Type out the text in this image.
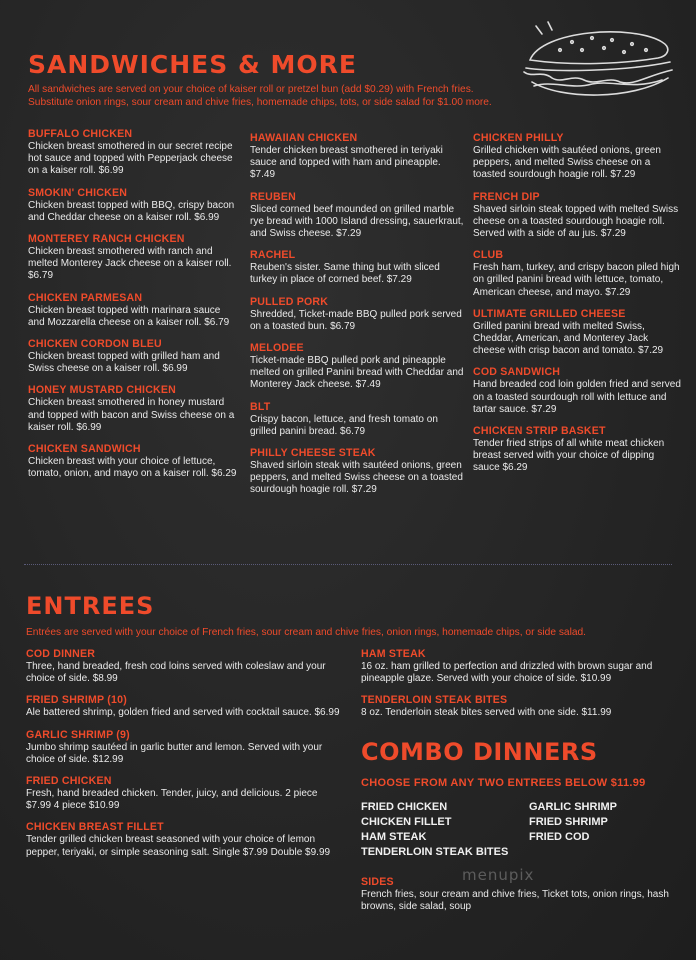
SANDWICHES & MORE

All sandwiches are served on your choice of kaiser roll or pretzel bun (add $0.29) with French fries.

Substitute onion rings, sour cream and chive fries, homemade chips, tots, or side salad for $1.00 more.

BUFFALO CHICKEN
Chicken breast smothered in our secret recipe hot sauce and topped with Pepperjack cheese on a kaiser roll. $6.99
SMOKIN' CHICKEN
Chicken breast topped with BBQ, crispy bacon and Cheddar cheese on a kaiser roll. $6.99
MONTEREY RANCH CHICKEN
Chicken breast smothered with ranch and melted Monterey Jack cheese on a kaiser roll. $6.79
CHICKEN PARMESAN
Chicken breast topped with marinara sauce and Mozzarella cheese on a kaiser roll. $6.79
CHICKEN CORDON BLEU
Chicken breast topped with grilled ham and Swiss cheese on a kaiser roll. $6.99
HONEY MUSTARD CHICKEN
Chicken breast smothered in honey mustard and topped with bacon and Swiss cheese on a kaiser roll. $6.99
CHICKEN SANDWICH
Chicken breast with your choice of lettuce, tomato, onion, and mayo on a kaiser roll. $6.29
HAWAIIAN CHICKEN
Tender chicken breast smothered in teriyaki sauce and topped with ham and pineapple. $7.49
REUBEN
Sliced corned beef mounded on grilled marble rye bread with 1000 Island dressing, sauerkraut, and Swiss cheese. $7.29
RACHEL
Reuben's sister. Same thing but with sliced turkey in place of corned beef. $7.29
PULLED PORK
Shredded, Ticket-made BBQ pulled pork served on a toasted bun. $6.79
MELODEE
Ticket-made BBQ pulled pork and pineapple melted on grilled Panini bread with Cheddar and Monterey Jack cheese. $7.49
BLT
Crispy bacon, lettuce, and fresh tomato on grilled panini bread. $6.79
PHILLY CHEESE STEAK
Shaved sirloin steak with sautéed onions, green peppers, and melted Swiss cheese on a toasted sourdough hoagie roll. $7.29
CHICKEN PHILLY
Grilled chicken with sautéed onions, green peppers, and melted Swiss cheese on a toasted sourdough hoagie roll. $7.29
FRENCH DIP
Shaved sirloin steak topped with melted Swiss cheese on a toasted sourdough hoagie roll. Served with a side of au jus. $7.29
CLUB
Fresh ham, turkey, and crispy bacon piled high on grilled panini bread with lettuce, tomato, American cheese, and mayo. $7.29
ULTIMATE GRILLED CHEESE
Grilled panini bread with melted Swiss, Cheddar, American, and Monterey Jack cheese with crisp bacon and tomato. $7.29
COD SANDWICH
Hand breaded cod loin golden fried and served on a toasted sourdough roll with lettuce and tartar sauce. $7.29
CHICKEN STRIP BASKET
Tender fried strips of all white meat chicken breast served with your choice of dipping sauce $6.29
ENTREES

Entrées are served with your choice of French fries, sour cream and chive fries, onion rings, homemade chips, or side salad.

COD DINNER
Three, hand breaded, fresh cod loins served with coleslaw and your choice of side. $8.99
FRIED SHRIMP (10)
Ale battered shrimp, golden fried and served with cocktail sauce. $6.99
GARLIC SHRIMP (9)
Jumbo shrimp sautéed in garlic butter and lemon. Served with your choice of side. $12.99
FRIED CHICKEN
Fresh, hand breaded chicken. Tender, juicy, and delicious. 2 piece $7.99 4 piece $10.99
CHICKEN BREAST FILLET
Tender grilled chicken breast seasoned with your choice of lemon pepper, teriyaki, or simple seasoning salt. Single $7.99 Double $9.99
HAM STEAK
16 oz. ham grilled to perfection and drizzled with brown sugar and pineapple glaze. Served with your choice of side. $10.99
TENDERLOIN STEAK BITES
8 oz. Tenderloin steak bites served with one side. $11.99
COMBO DINNERS

CHOOSE FROM ANY TWO ENTREES BELOW $11.99

FRIED CHICKEN	GARLIC SHRIMP
CHICKEN FILLET	FRIED SHRIMP
HAM STEAK	FRIED COD
TENDERLOIN STEAK BITES
SIDES
French fries, sour cream and chive fries, Ticket tots, onion rings, hash browns, side salad, soup
menupix
